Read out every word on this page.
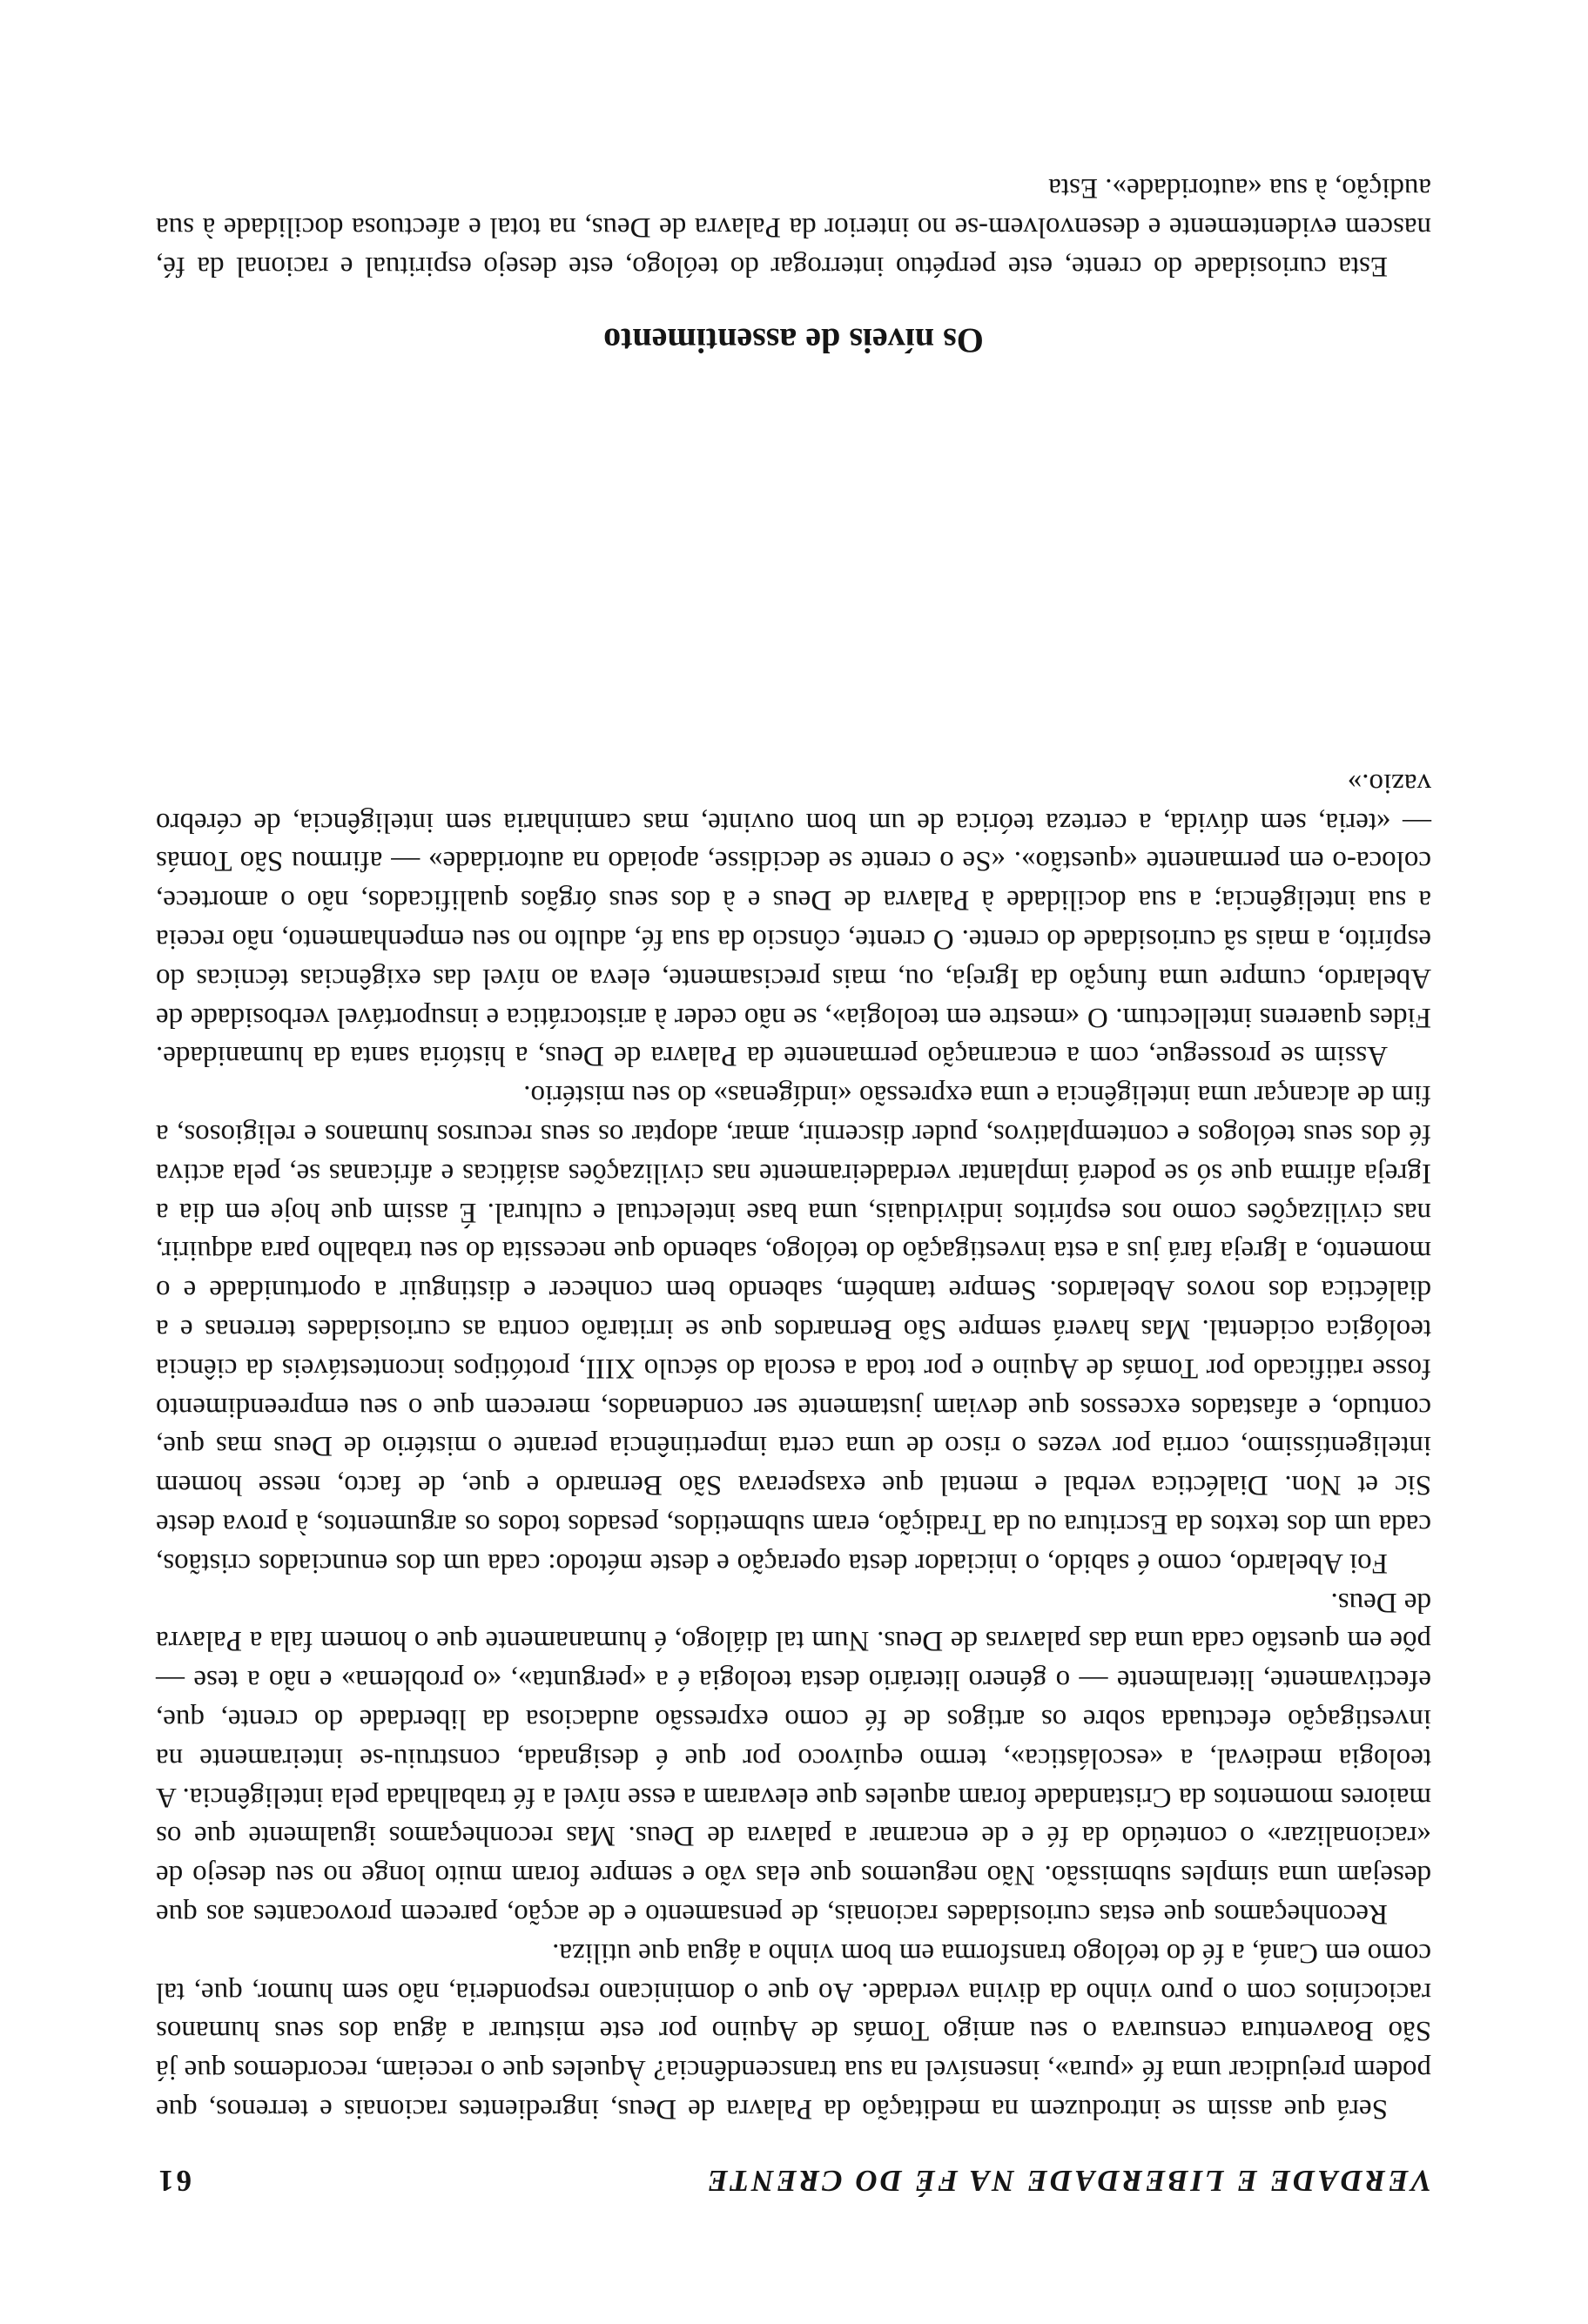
VERDADE E LIBERDADE NA FÉ DO CRENTE
61

Será que assim se introduzem na meditação da Palavra de Deus, ingredientes racionais e terrenos, que podem prejudicar uma fé «pura», insensível na sua transcendência? Àqueles que o receiam, recordemos que já São Boaventura censurava o seu amigo Tomás de Aquino por este misturar a água dos seus humanos raciocínios com o puro vinho da divina verdade. Ao que o dominicano responderia, não sem humor, que, tal como em Caná, a fé do teólogo transforma em bom vinho a água que utiliza.

Reconheçamos que estas curiosidades racionais, de pensamento e de acção, parecem provocantes aos que desejam uma simples submissão. Não neguemos que elas vão e sempre foram muito longe no seu desejo de «racionalizar» o conteúdo da fé e de encarnar a palavra de Deus. Mas reconheçamos igualmente que os maiores momentos da Cristandade foram aqueles que elevaram a esse nível a fé trabalhada pela inteligência. A teologia medieval, a «escolástica», termo equívoco por que é designada, construiu-se inteiramente na investigação efectuada sobre os artigos de fé como expressão audaciosa da liberdade do crente, que, efectivamente, literalmente — o género literário desta teologia é a «pergunta», «o problema» e não a tese — põe em questão cada uma das palavras de Deus. Num tal diálogo, é humanamente que o homem fala a Palavra de Deus.

Foi Abelardo, como é sabido, o iniciador desta operação e deste método: cada um dos enunciados cristãos, cada um dos textos da Escritura ou da Tradição, eram submetidos, pesados todos os argumentos, à prova deste Sic et Non. Dialéctica verbal e mental que exasperava São Bernardo e que, de facto, nesse homem inteligentíssimo, corria por vezes o risco de uma certa impertinência perante o mistério de Deus mas que, contudo, e afastados excessos que deviam justamente ser condenados, merecem que o seu empreendimento fosse ratificado por Tomás de Aquino e por toda a escola do século XIII, protótipos incontestáveis da ciência teológica ocidental. Mas haverá sempre São Bernardos que se irritarão contra as curiosidades terrenas e a dialéctica dos novos Abelardos. Sempre também, sabendo bem conhecer e distinguir a oportunidade e o momento, a Igreja fará jus a esta investigação do teólogo, sabendo que necessita do seu trabalho para adquirir, nas civilizações como nos espíritos individuais, uma base intelectual e cultural. É assim que hoje em dia a Igreja afirma que só se poderá implantar verdadeiramente nas civilizações asiáticas e africanas se, pela activa fé dos seus teólogos e contemplativos, puder discernir, amar, adoptar os seus recursos humanos e religiosos, a fim de alcançar uma inteligência e uma expressão «indígenas» do seu mistério.

Assim se prossegue, com a encarnação permanente da Palavra de Deus, a história santa da humanidade. Fides quaerens intellectum. O «mestre em teologia», se não ceder à aristocrática e insuportável verbosidade de Abelardo, cumpre uma função da Igreja, ou, mais precisamente, eleva ao nível das exigências técnicas do espírito, a mais sã curiosidade do crente. O crente, cônscio da sua fé, adulto no seu empenhamento, não receia a sua inteligência; a sua docilidade à Palavra de Deus e à dos seus órgãos qualificados, não o amortece, coloca-o em permanente «questão». «Se o crente se decidisse, apoiado na autoridade» — afirmou São Tomás — «teria, sem dúvida, a certeza teórica de um bom ouvinte, mas caminharia sem inteligência, de cérebro vazio.»

Os níveis de assentimento

Esta curiosidade do crente, este perpétuo interrogar do teólogo, este desejo espiritual e racional da fé, nascem evidentemente e desenvolvem-se no interior da Palavra de Deus, na total e afectuosa docilidade à sua audição, à sua «autoridade». Esta
